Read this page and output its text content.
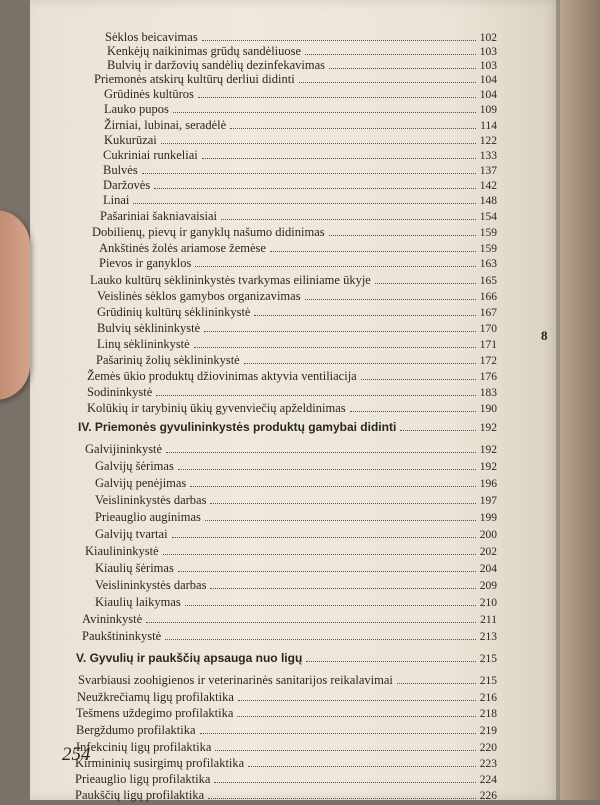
8
Sėklos beicavimas	102
Kenkėjų naikinimas grūdų sandėliuose	103
Bulvių ir daržovių sandėlių dezinfekavimas	103
Priemonės atskirų kultūrų derliui didinti	104
Grūdinės kultūros	104
Lauko pupos	109
Žirniai, lubinai, seradėlė	114
Kukurūzai	122
Cukriniai runkeliai	133
Bulvės	137
Daržovės	142
Linai	148
Pašariniai šakniavaisiai	154
Dobilienų, pievų ir ganyklų našumo didinimas	159
Ankštinės žolės ariamose žemėse	159
Pievos ir ganyklos	163
Lauko kultūrų sėklininkystės tvarkymas eiliniame ūkyje	165
Veislinės sėklos gamybos organizavimas	166
Grūdinių kultūrų sėklininkystė	167
Bulvių sėklininkystė	170
Linų sėklininkystė	171
Pašarinių žolių sėklininkystė	172
Žemės ūkio produktų džiovinimas aktyvia ventiliacija	176
Sodininkystė	183
Kolūkių ir tarybinių ūkių gyvenviečių apželdinimas	190
IV. Priemonės gyvulininkystės produktų gamybai didinti	192
Galvijininkystė	192
Galvijų šėrimas	192
Galvijų penėjimas	196
Veislininkystės darbas	197
Prieauglio auginimas	199
Galvijų tvartai	200
Kiaulininkystė	202
Kiaulių šėrimas	204
Veislininkystės darbas	209
Kiaulių laikymas	210
Avininkystė	211
Paukštininkystė	213
V. Gyvulių ir paukščių apsauga nuo ligų	215
Svarbiausi zoohigienos ir veterinarinės sanitarijos reikalavimai	215
Neužkrečiamų ligų profilaktika	216
Tešmens uždegimo profilaktika	218
Bergždumo profilaktika	219
Infekcinių ligų profilaktika	220
Kirmininių susirgimų profilaktika	223
Prieauglio ligų profilaktika	224
Paukščių ligų profilaktika	226
254
